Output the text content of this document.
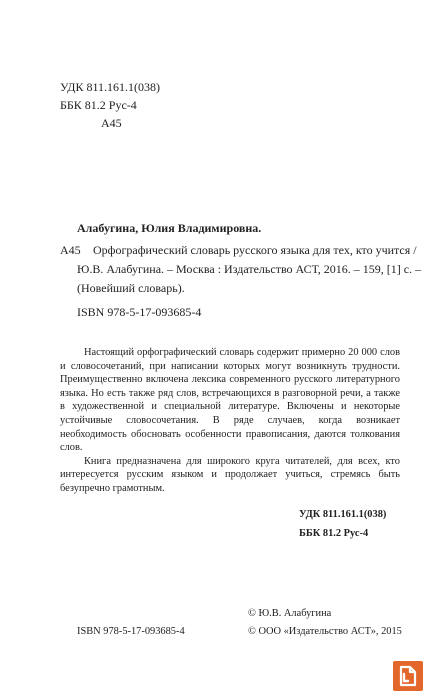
УДК 811.161.1(038)
ББК 81.2 Рус-4
А45
Алабугина, Юлия Владимировна.
А45 Орфографический словарь русского языка для тех, кто учится /
Ю.В. Алабугина. – Москва : Издательство АСТ, 2016. – 159, [1] с. –
(Новейший словарь).
ISBN 978-5-17-093685-4

Настоящий орфографический словарь содержит примерно 20 000 слов и словосочетаний, при написании которых могут возникнуть трудности. Преимущественно включена лексика современного русского литературного языка. Но есть также ряд слов, встречающихся в разговорной речи, а также в художественной и специальной литературе. Включены и некоторые устойчивые словосочетания. В ряде случаев, когда возникает необходимость обосновать особенности правописания, даются толкования слов.

Книга предназначена для широкого круга читателей, для всех, кто интересуется русским языком и продолжает учиться, стремясь быть безупречно грамотным.

УДК 811.161.1(038)
ББК 81.2 Рус-4
© Ю.В. Алабугина
ISBN 978-5-17-093685-4	© ООО «Издательство АСТ», 2015
